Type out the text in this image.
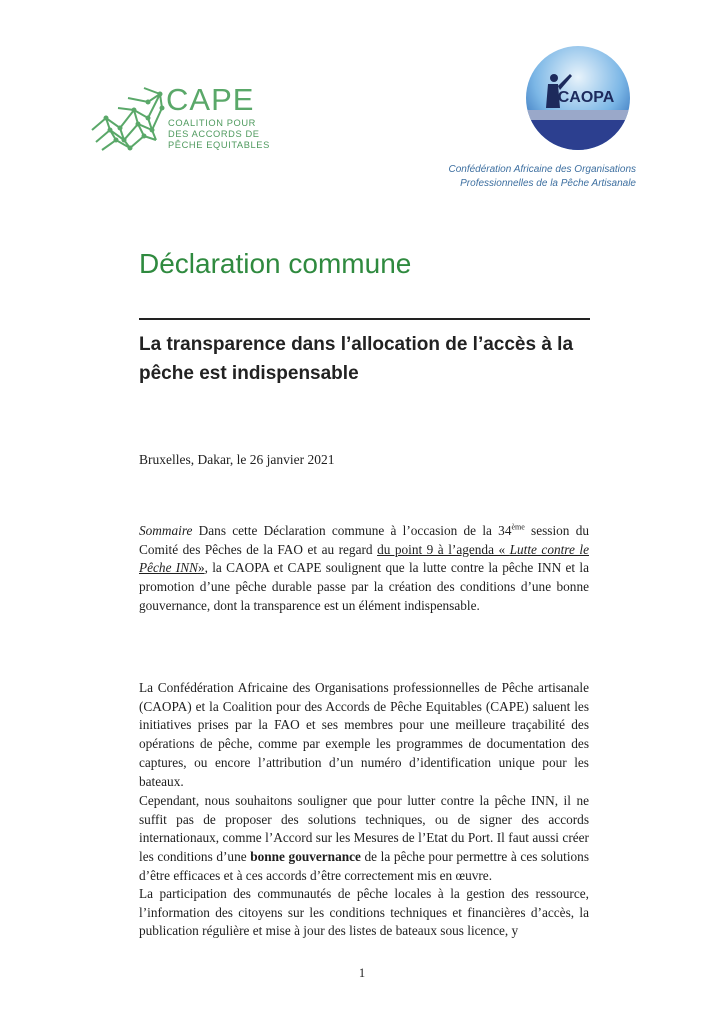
CAPE
COALITION POUR
DES ACCORDS DE
PÊCHE EQUITABLES
CAOPA
Confédération Africaine des Organisations
Professionnelles de la Pêche Artisanale
Déclaration commune
La transparence dans l’allocation de l’accès à la pêche est indispensable
Bruxelles, Dakar, le 26 janvier 2021
Sommaire Dans cette Déclaration commune à l’occasion de la 34ème session du Comité des Pêches de la FAO et au regard du point 9 à l’agenda « Lutte contre le Pêche INN», la CAOPA et CAPE soulignent que la lutte contre la pêche INN et la promotion d’une pêche durable passe par la création des conditions d’une bonne gouvernance, dont la transparence est un élément indispensable.
La Confédération Africaine des Organisations professionnelles de Pêche artisanale (CAOPA) et la Coalition pour des Accords de Pêche Equitables (CAPE) saluent les initiatives prises par la FAO et ses membres pour une meilleure traçabilité des opérations de pêche, comme par exemple les programmes de documentation des captures, ou encore l’attribution d’un numéro d’identification unique pour les bateaux.
Cependant, nous souhaitons souligner que pour lutter contre la pêche INN, il ne suffit pas de proposer des solutions techniques, ou de signer des accords internationaux, comme l’Accord sur les Mesures de l’Etat du Port. Il faut aussi créer les conditions d’une bonne gouvernance de la pêche pour permettre à ces solutions d’être efficaces et à ces accords d’être correctement mis en œuvre.
La participation des communautés de pêche locales à la gestion des ressource, l’information des citoyens sur les conditions techniques et financières d’accès, la publication régulière et mise à jour des listes de bateaux sous licence, y
1
